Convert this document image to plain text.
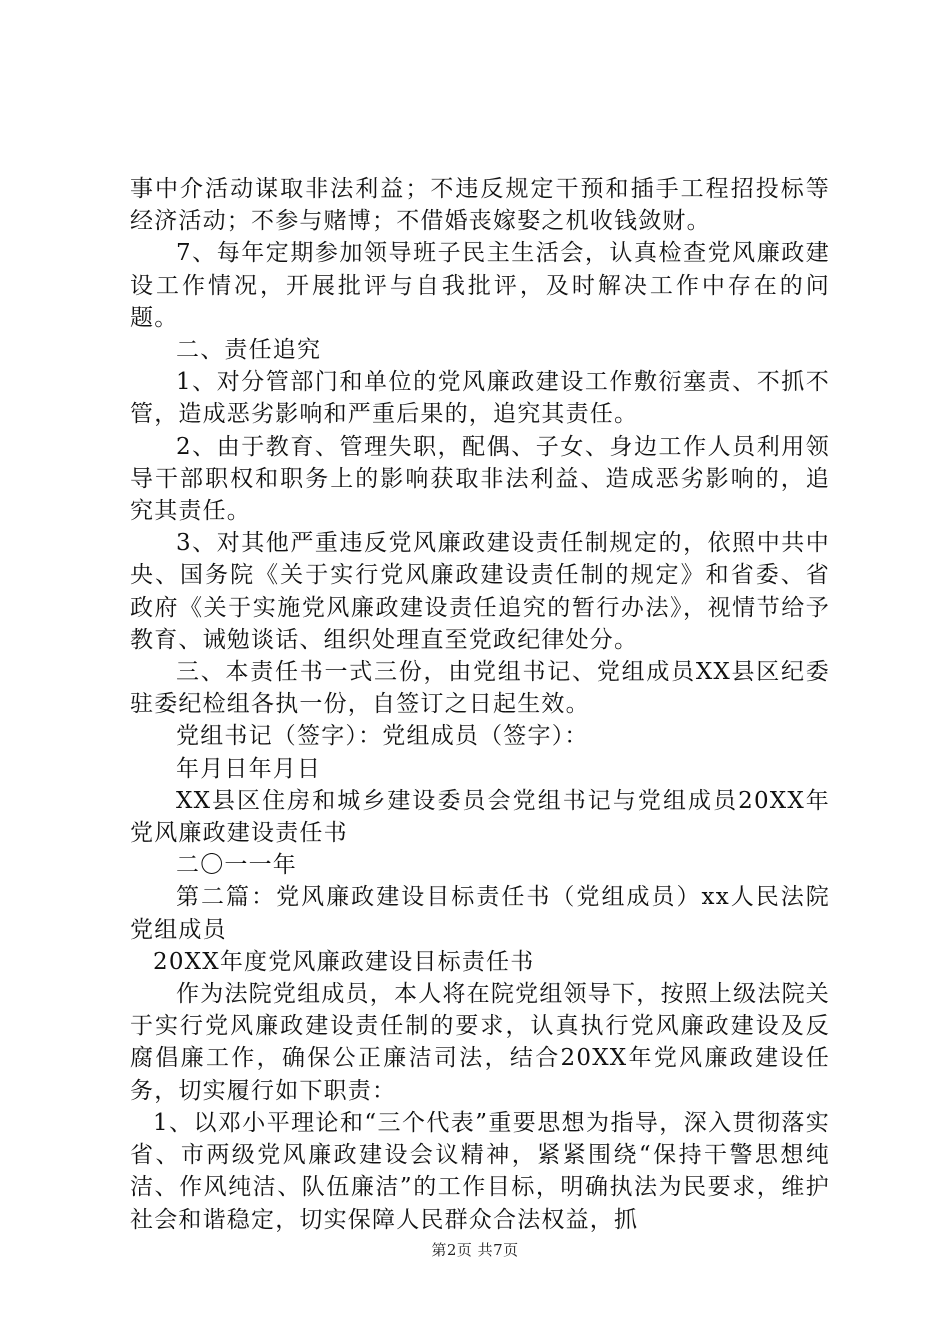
事中介活动谋取非法利益；不违反规定干预和插手工程招投标等经济活动；不参与赌博；不借婚丧嫁娶之机收钱敛财。

7、每年定期参加领导班子民主生活会，认真检查党风廉政建设工作情况，开展批评与自我批评，及时解决工作中存在的问题。

二、责任追究

1、对分管部门和单位的党风廉政建设工作敷衍塞责、不抓不管，造成恶劣影响和严重后果的，追究其责任。

2、由于教育、管理失职，配偶、子女、身边工作人员利用领导干部职权和职务上的影响获取非法利益、造成恶劣影响的，追究其责任。

3、对其他严重违反党风廉政建设责任制规定的，依照中共中央、国务院《关于实行党风廉政建设责任制的规定》和省委、省政府《关于实施党风廉政建设责任追究的暂行办法》，视情节给予教育、诫勉谈话、组织处理直至党政纪律处分。

三、本责任书一式三份，由党组书记、党组成员XX县区纪委驻委纪检组各执一份，自签订之日起生效。

党组书记（签字）：党组成员（签字）：

年月日年月日

XX县区住房和城乡建设委员会党组书记与党组成员20XX年党风廉政建设责任书

二〇一一年

第二篇：党风廉政建设目标责任书（党组成员）xx人民法院党组成员

20XX年度党风廉政建设目标责任书

作为法院党组成员，本人将在院党组领导下，按照上级法院关于实行党风廉政建设责任制的要求，认真执行党风廉政建设及反腐倡廉工作，确保公正廉洁司法，结合20XX年党风廉政建设任务，切实履行如下职责：

1、以邓小平理论和“三个代表”重要思想为指导，深入贯彻落实省、市两级党风廉政建设会议精神，紧紧围绕“保持干警思想纯洁、作风纯洁、队伍廉洁”的工作目标，明确执法为民要求，维护社会和谐稳定，切实保障人民群众合法权益，抓

第2页 共7页
